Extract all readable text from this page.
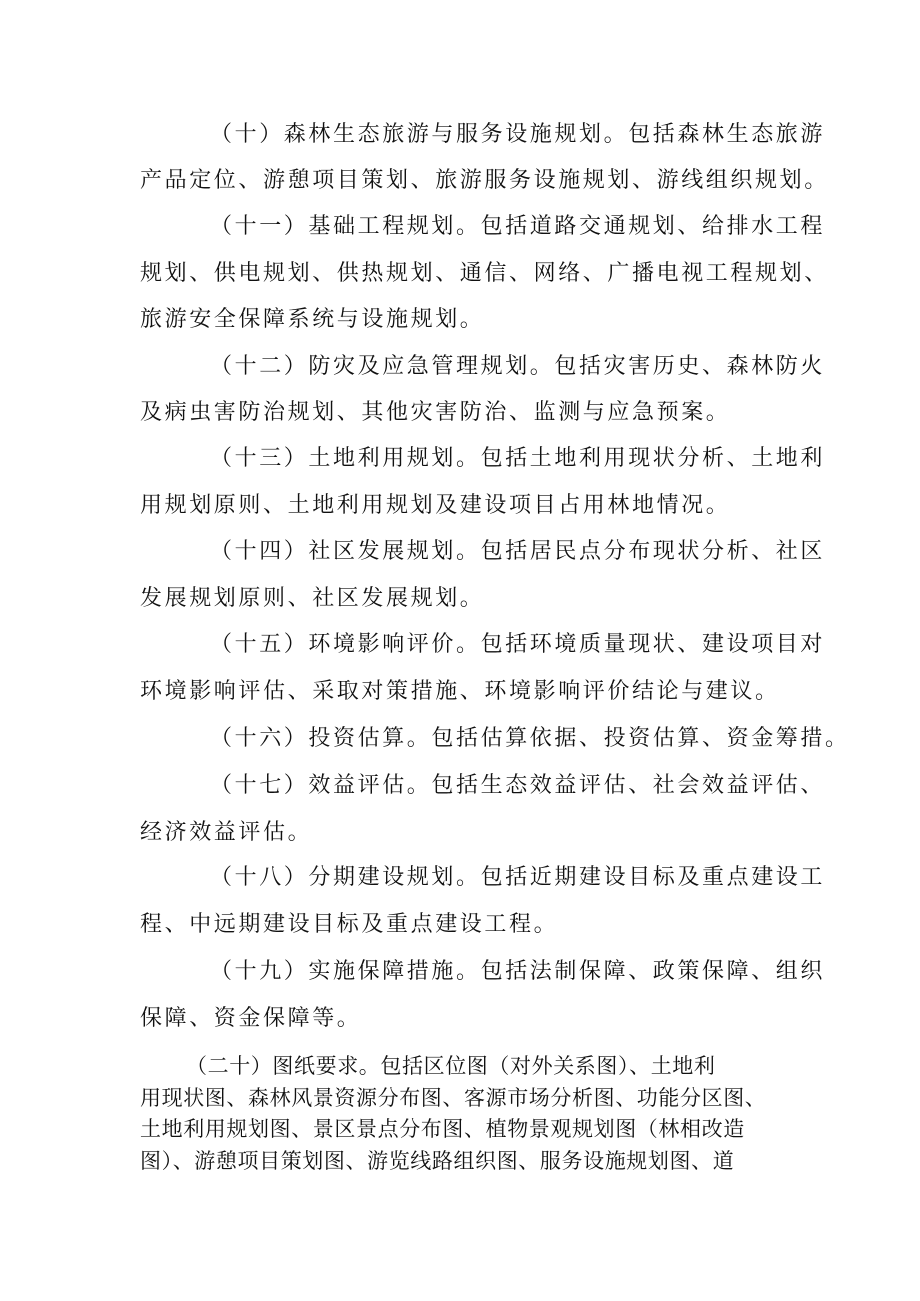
（十）森林生态旅游与服务设施规划。包括森林生态旅游
产品定位、游憩项目策划、旅游服务设施规划、游线组织规划。
（十一）基础工程规划。包括道路交通规划、给排水工程
规划、供电规划、供热规划、通信、网络、广播电视工程规划、
旅游安全保障系统与设施规划。
（十二）防灾及应急管理规划。包括灾害历史、森林防火
及病虫害防治规划、其他灾害防治、监测与应急预案。
（十三）土地利用规划。包括土地利用现状分析、土地利
用规划原则、土地利用规划及建设项目占用林地情况。
（十四）社区发展规划。包括居民点分布现状分析、社区
发展规划原则、社区发展规划。
（十五）环境影响评价。包括环境质量现状、建设项目对
环境影响评估、采取对策措施、环境影响评价结论与建议。
（十六）投资估算。包括估算依据、投资估算、资金筹措。
（十七）效益评估。包括生态效益评估、社会效益评估、
经济效益评估。
（十八）分期建设规划。包括近期建设目标及重点建设工
程、中远期建设目标及重点建设工程。
（十九）实施保障措施。包括法制保障、政策保障、组织
保障、资金保障等。
（二十）图纸要求。包括区位图（对外关系图）、土地利
用现状图、森林风景资源分布图、客源市场分析图、功能分区图、
土地利用规划图、景区景点分布图、植物景观规划图（林相改造
图）、游憩项目策划图、游览线路组织图、服务设施规划图、道
